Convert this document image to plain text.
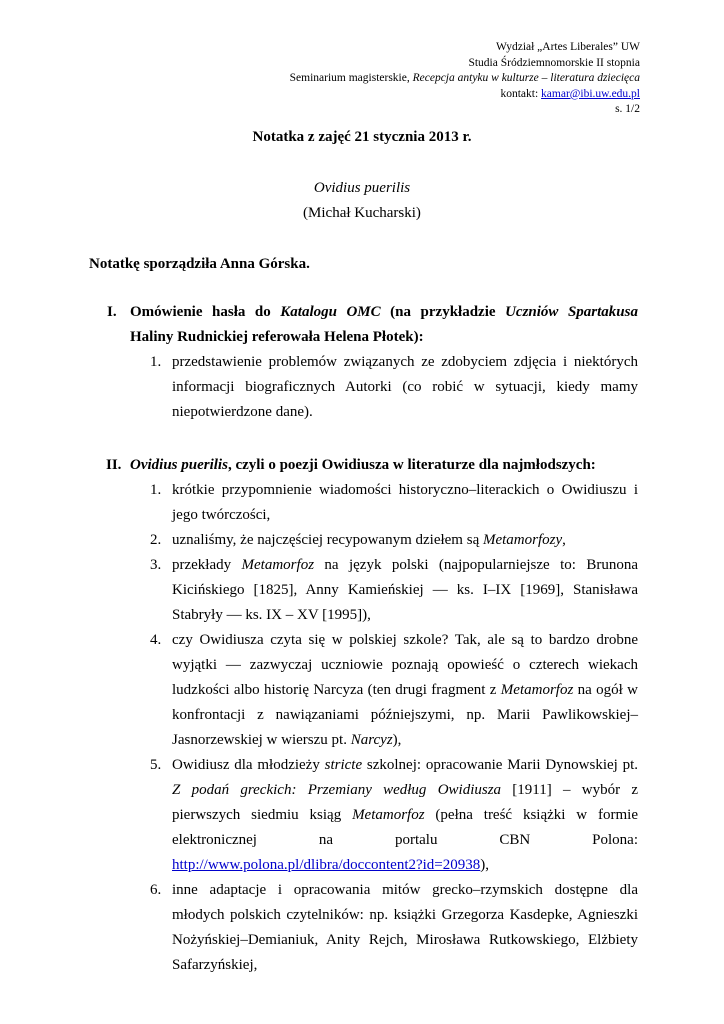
Wydział „Artes Liberales” UW
Studia Śródziemnomorskie II stopnia
Seminarium magisterskie, Recepcja antyku w kulturze – literatura dziecięca
kontakt: kamar@ibi.uw.edu.pl
s. 1/2
Notatka z zajęć 21 stycznia 2013 r.
Ovidius puerilis
(Michał Kucharski)
Notatkę sporządziła Anna Górska.
I. Omówienie hasła do Katalogu OMC (na przykładzie Uczniów Spartakusa Haliny Rudnickiej referowała Helena Płotek):
1. przedstawienie problemów związanych ze zdobyciem zdjęcia i niektórych informacji biograficznych Autorki (co robić w sytuacji, kiedy mamy niepotwierdzone dane).
II. Ovidius puerilis, czyli o poezji Owidiusza w literaturze dla najmłodszych:
1. krótkie przypomnienie wiadomości historyczno–literackich o Owidiuszu i jego twórczości,
2. uznaliśmy, że najczęściej recypowanym dziełem są Metamorfozy,
3. przekłady Metamorfoz na język polski (najpopularniejsze to: Brunona Kicińskiego [1825], Anny Kamieńskiej — ks. I–IX [1969], Stanisława Stabryły — ks. IX – XV [1995]),
4. czy Owidiusza czyta się w polskiej szkole? Tak, ale są to bardzo drobne wyjątki — zazwyczaj uczniowie poznają opowieść o czterech wiekach ludzkości albo historię Narcyza (ten drugi fragment z Metamorfoz na ogół w konfrontacji z nawiązaniami późniejszymi, np. Marii Pawlikowskiej–Jasnorzewskiej w wierszu pt. Narcyz),
5. Owidiusz dla młodzieży stricte szkolnej: opracowanie Marii Dynowskiej pt. Z podań greckich: Przemiany według Owidiusza [1911] – wybór z pierwszych siedmiu ksiąg Metamorfoz (pełna treść książki w formie elektronicznej na portalu CBN Polona: http://www.polona.pl/dlibra/doccontent2?id=20938),
6. inne adaptacje i opracowania mitów grecko–rzymskich dostępne dla młodych polskich czytelników: np. książki Grzegorza Kasdepke, Agnieszki Nożyńskiej–Demianiuk, Anity Rejch, Mirosława Rutkowskiego, Elżbiety Safarzyńskiej,
